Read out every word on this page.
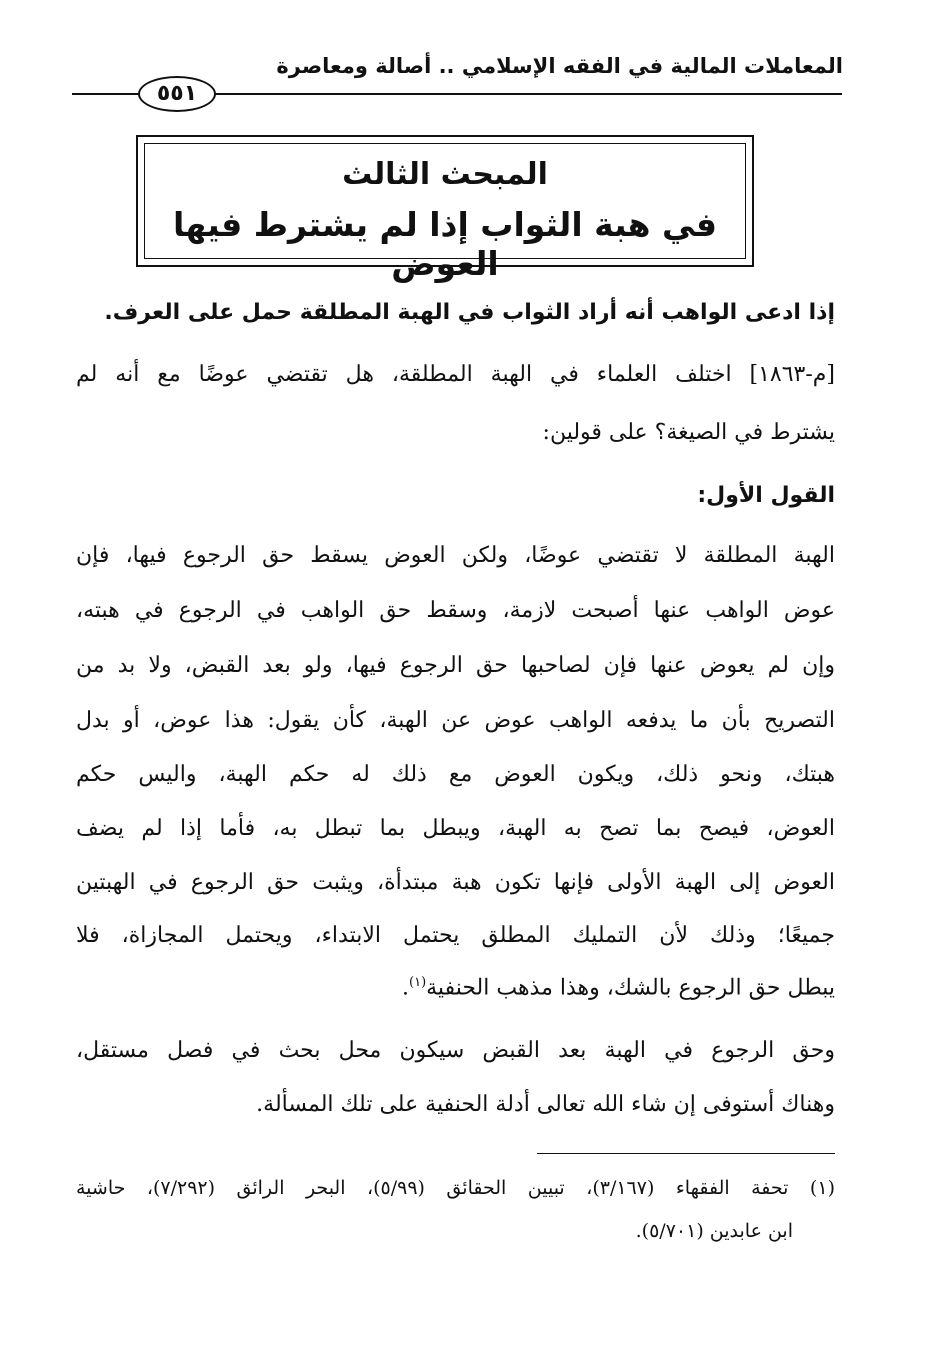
المعاملات المالية في الفقه الإسلامي .. أصالة ومعاصرة
٥٥١
المبحث الثالث
في هبة الثواب إذا لم يشترط فيها العوض
إذا ادعى الواهب أنه أراد الثواب في الهبة المطلقة حمل على العرف.
[م-١٨٦٣] اختلف العلماء في الهبة المطلقة، هل تقتضي عوضًا مع أنه لم
يشترط في الصيغة؟ على قولين:
القول الأول:
الهبة المطلقة لا تقتضي عوضًا، ولكن العوض يسقط حق الرجوع فيها، فإن
عوض الواهب عنها أصبحت لازمة، وسقط حق الواهب في الرجوع في هبته،
وإن لم يعوض عنها فإن لصاحبها حق الرجوع فيها، ولو بعد القبض، ولا بد من
التصريح بأن ما يدفعه الواهب عوض عن الهبة، كأن يقول: هذا عوض، أو بدل
هبتك، ونحو ذلك، ويكون العوض مع ذلك له حكم الهبة، واليس حكم
العوض، فيصح بما تصح به الهبة، ويبطل بما تبطل به، فأما إذا لم يضف
العوض إلى الهبة الأولى فإنها تكون هبة مبتدأة، ويثبت حق الرجوع في الهبتين
جميعًا؛ وذلك لأن التمليك المطلق يحتمل الابتداء، ويحتمل المجازاة، فلا
يبطل حق الرجوع بالشك، وهذا مذهب الحنفية$^{(١)}$.
وحق الرجوع في الهبة بعد القبض سيكون محل بحث في فصل مستقل،
وهناك أستوفى إن شاء الله تعالى أدلة الحنفية على تلك المسألة.
(١) تحفة الفقهاء (٣/١٦٧)، تبيين الحقائق (٥/٩٩)، البحر الرائق (٧/٢٩٢)، حاشية
ابن عابدين (٥/٧٠١).
